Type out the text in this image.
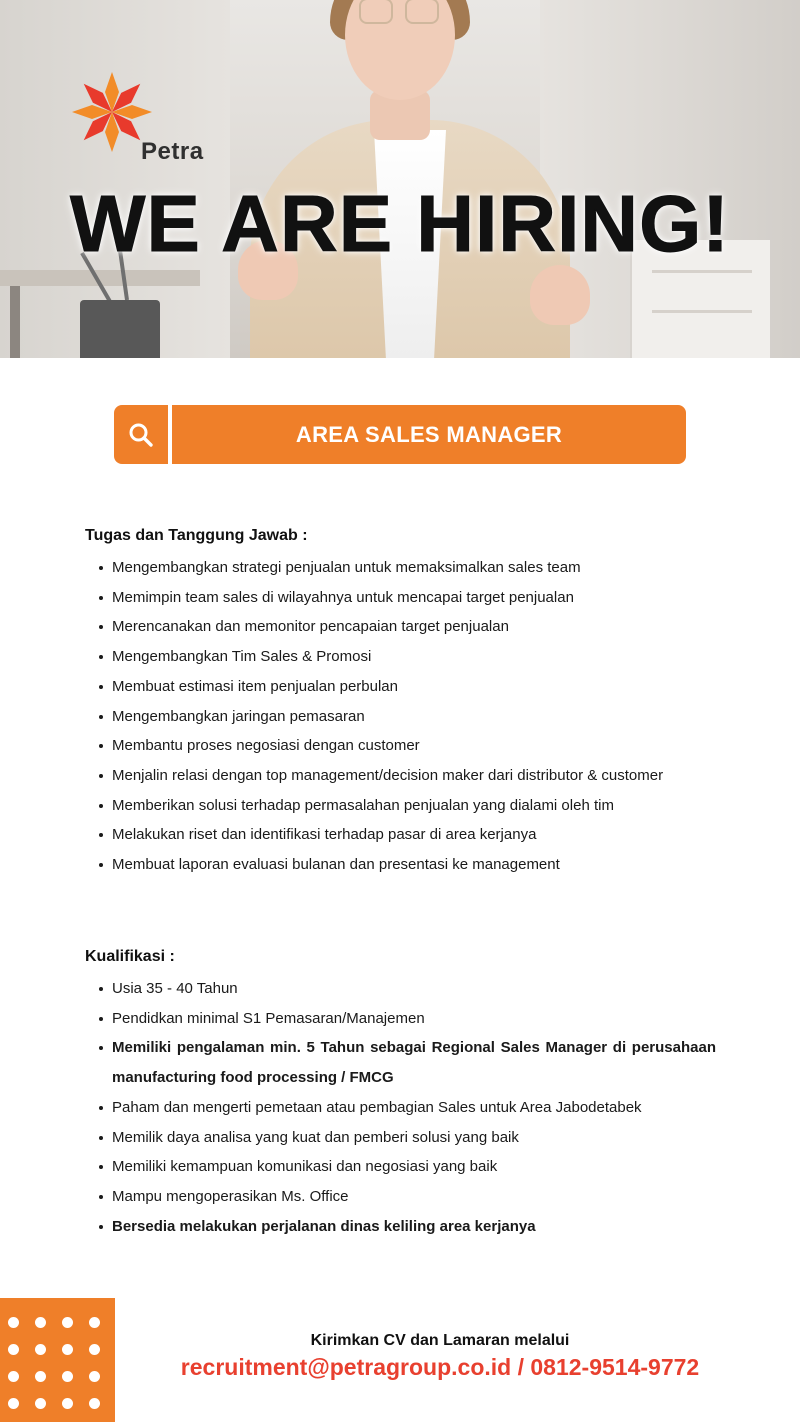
Petra
WE ARE HIRING!
AREA SALES MANAGER
Tugas dan Tanggung Jawab :
Mengembangkan strategi penjualan untuk memaksimalkan sales team
Memimpin team sales di wilayahnya untuk mencapai target penjualan
Merencanakan dan memonitor pencapaian target penjualan
Mengembangkan Tim Sales & Promosi
Membuat estimasi item penjualan perbulan
Mengembangkan jaringan pemasaran
Membantu proses negosiasi dengan customer
Menjalin relasi dengan top management/decision maker dari distributor & customer
Memberikan solusi terhadap permasalahan penjualan yang dialami oleh tim
Melakukan riset dan identifikasi terhadap pasar di area kerjanya
Membuat laporan evaluasi bulanan dan presentasi ke management
Kualifikasi :
Usia 35 - 40 Tahun
Pendidkan minimal S1 Pemasaran/Manajemen
Memiliki pengalaman min. 5 Tahun sebagai Regional Sales Manager di perusahaan manufacturing food processing / FMCG
Paham dan mengerti pemetaan atau pembagian Sales untuk Area Jabodetabek
Memilik daya analisa yang kuat dan pemberi solusi yang baik
Memiliki kemampuan komunikasi dan negosiasi yang baik
Mampu mengoperasikan Ms. Office
Bersedia melakukan perjalanan dinas keliling area kerjanya
Kirimkan CV dan Lamaran melalui
recruitment@petragroup.co.id / 0812-9514-9772
